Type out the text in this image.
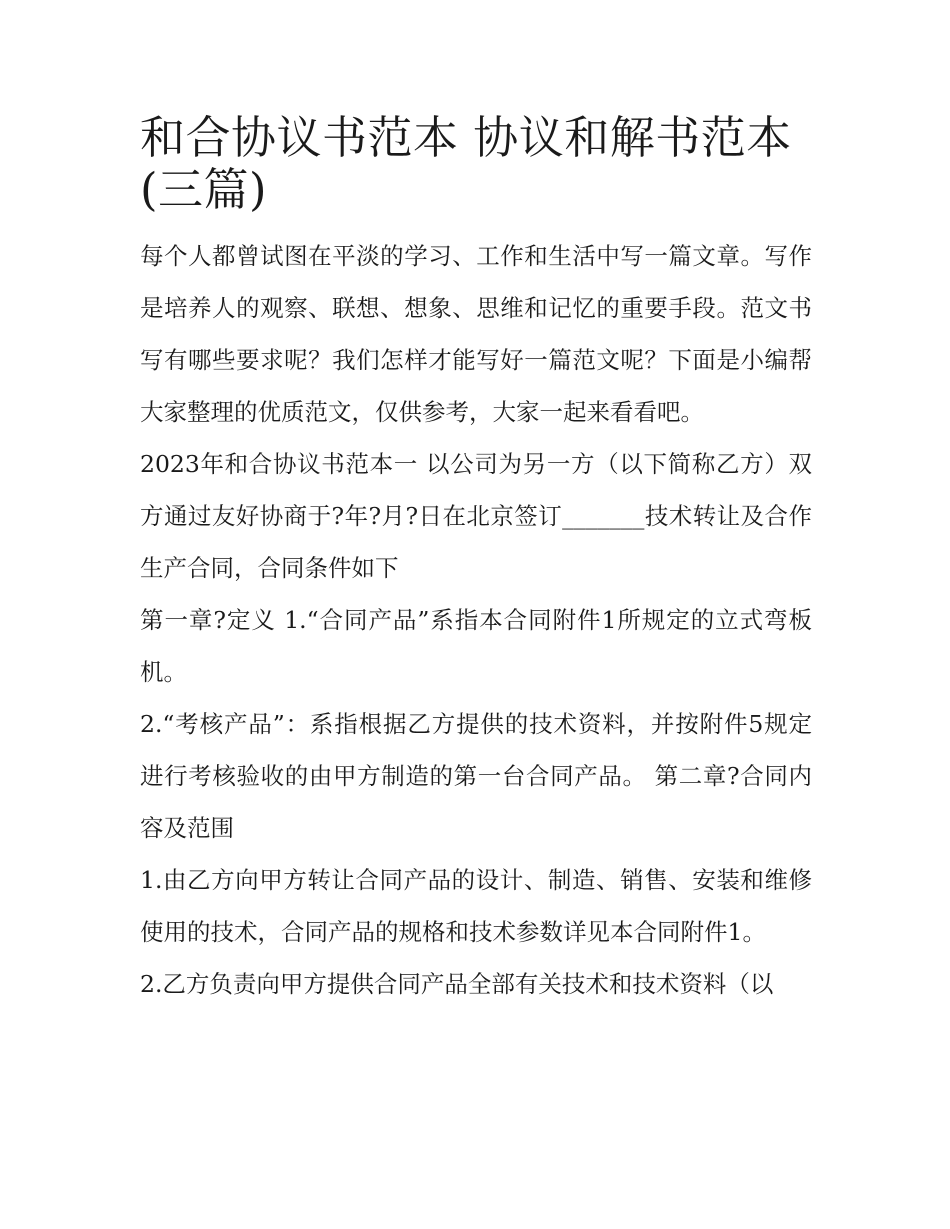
和合协议书范本 协议和解书范本(三篇)

每个人都曾试图在平淡的学习、工作和生活中写一篇文章。写作是培养人的观察、联想、想象、思维和记忆的重要手段。范文书写有哪些要求呢？我们怎样才能写好一篇范文呢？下面是小编帮大家整理的优质范文，仅供参考，大家一起来看看吧。

2023年和合协议书范本一 以公司为另一方（以下简称乙方）双方通过友好协商于?年?月?日在北京签订_______技术转让及合作生产合同，合同条件如下

第一章?定义 1.“合同产品”系指本合同附件1所规定的立式弯板机。

2.“考核产品”：系指根据乙方提供的技术资料，并按附件5规定进行考核验收的由甲方制造的第一台合同产品。 第二章?合同内容及范围

1.由乙方向甲方转让合同产品的设计、制造、销售、安装和维修使用的技术，合同产品的规格和技术参数详见本合同附件1。

2.乙方负责向甲方提供合同产品全部有关技术和技术资料（以
